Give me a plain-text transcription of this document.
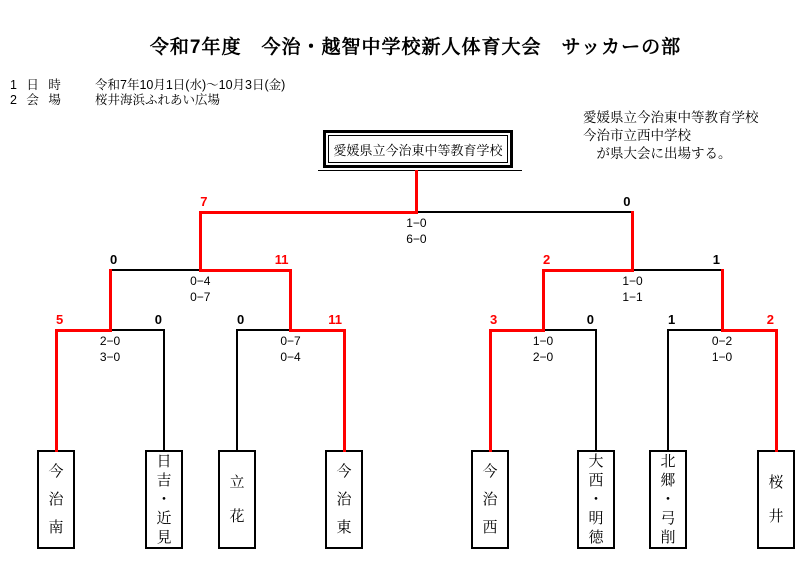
令和7年度　今治・越智中学校新人体育大会　サッカーの部
1 日 時 令和7年10月1日(水)～10月3日(金)
2 会 場 桜井海浜ふれあい広場
愛媛県立今治東中等教育学校
今治市立西中学校
　が県大会に出場する。
愛媛県立今治東中等教育学校
今
治
南
日
吉
・
近
見
立
花
今
治
東
今
治
西
大
西
・
明
徳
北
郷
・
弓
削
桜
井
5	0
2−0
3−0
0	11
0−7
0−4
3	0
1−0
2−0
1	2
0−2
1−0
0	11
0−4
0−7
2	1
1−0
1−1
7	0
1−0
6−0
